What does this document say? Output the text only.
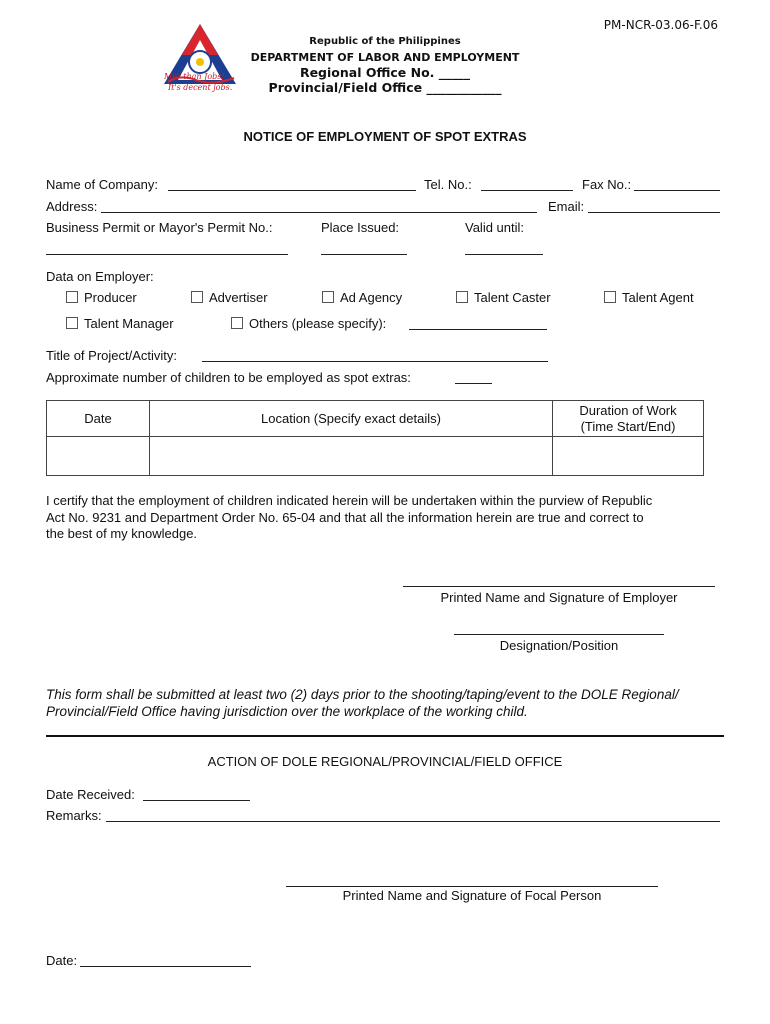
PM-NCR-03.06-F.06
Mer than Jobs!
It's decent jobs.
Republic of the Philippines
DEPARTMENT OF LABOR AND EMPLOYMENT
Regional Office No. _____
Provincial/Field Office ____________
NOTICE OF EMPLOYMENT OF SPOT EXTRAS
Name of Company:	Tel. No.:	Fax No.:
Address:	Email:
Business Permit or Mayor's Permit No.:	Place Issued:	Valid until:
Data on Employer:
Producer	Advertiser	Ad Agency	Talent Caster	Talent Agent
Talent Manager	Others (please specify):
Title of Project/Activity:
Approximate number of children to be employed as spot extras:
Date	Location (Specify exact details)	Duration of Work
(Time Start/End)

I certify that the employment of children indicated herein will be undertaken within the purview of Republic
Act No. 9231 and Department Order No. 65-04 and that all the information herein are true and correct to
the best of my knowledge.
Printed Name and Signature of Employer
Designation/Position
This form shall be submitted at least two (2) days prior to the shooting/taping/event to the DOLE Regional/
Provincial/Field Office having jurisdiction over the workplace of the working child.
ACTION OF DOLE REGIONAL/PROVINCIAL/FIELD OFFICE
Date Received:
Remarks:
Printed Name and Signature of Focal Person
Date:
